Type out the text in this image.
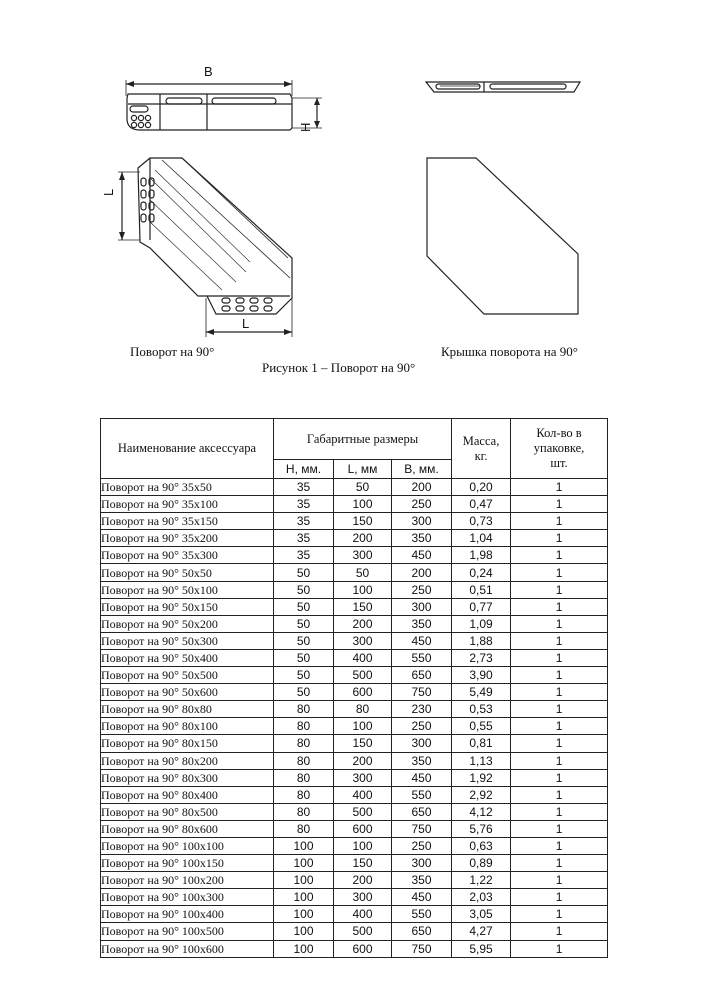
B
H
L
L
Поворот на 90°	Крышка поворота на 90°
Рисунок 1 – Поворот на 90°
Наименование аксессуара	Габаритные размеры			Масса, кг.	Кол-во в упаковке, шт.
	H, мм.	L, мм	B, мм.		
Поворот на 90° 35x50	35	50	200	0,20	1
Поворот на 90° 35x100	35	100	250	0,47	1
Поворот на 90° 35x150	35	150	300	0,73	1
Поворот на 90° 35x200	35	200	350	1,04	1
Поворот на 90° 35x300	35	300	450	1,98	1
Поворот на 90° 50x50	50	50	200	0,24	1
Поворот на 90° 50x100	50	100	250	0,51	1
Поворот на 90° 50x150	50	150	300	0,77	1
Поворот на 90° 50x200	50	200	350	1,09	1
Поворот на 90° 50x300	50	300	450	1,88	1
Поворот на 90° 50x400	50	400	550	2,73	1
Поворот на 90° 50x500	50	500	650	3,90	1
Поворот на 90° 50x600	50	600	750	5,49	1
Поворот на 90° 80x80	80	80	230	0,53	1
Поворот на 90° 80x100	80	100	250	0,55	1
Поворот на 90° 80x150	80	150	300	0,81	1
Поворот на 90° 80x200	80	200	350	1,13	1
Поворот на 90° 80x300	80	300	450	1,92	1
Поворот на 90° 80x400	80	400	550	2,92	1
Поворот на 90° 80x500	80	500	650	4,12	1
Поворот на 90° 80x600	80	600	750	5,76	1
Поворот на 90° 100x100	100	100	250	0,63	1
Поворот на 90° 100x150	100	150	300	0,89	1
Поворот на 90° 100x200	100	200	350	1,22	1
Поворот на 90° 100x300	100	300	450	2,03	1
Поворот на 90° 100x400	100	400	550	3,05	1
Поворот на 90° 100x500	100	500	650	4,27	1
Поворот на 90° 100x600	100	600	750	5,95	1
